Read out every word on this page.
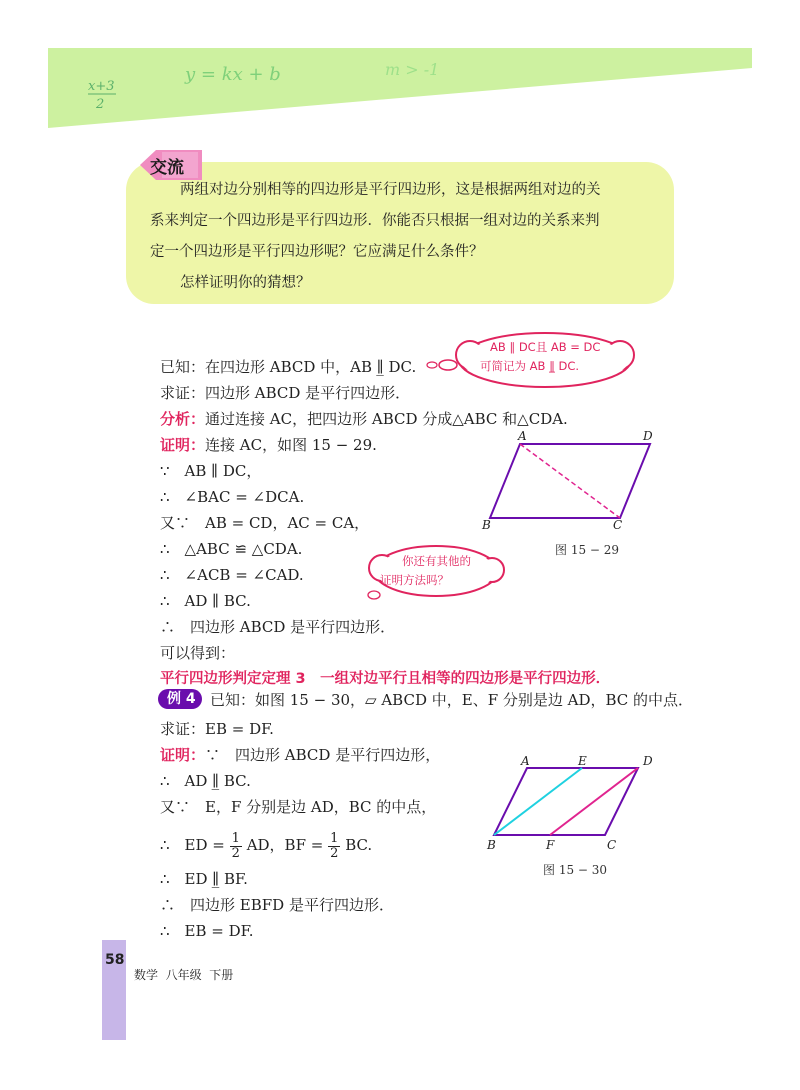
x+3
2
y = kx + b	m > -1
交流
两组对边分别相等的四边形是平行四边形，这是根据两组对边的关
系来判定一个四边形是平行四边形．你能否只根据一组对边的关系来判
定一个四边形是平行四边形呢？它应满足什么条件？
怎样证明你的猜想？
AB ∥ DC且 AB = DC
可简记为 AB ∥̲ DC.
已知：在四边形 ABCD 中，AB ∥̲ DC.
求证：四边形 ABCD 是平行四边形．
分析：通过连接 AC，把四边形 ABCD 分成△ABC 和△CDA.
证明：连接 AC，如图 15 − 29.
∵　AB ∥ DC，
∴　∠BAC = ∠DCA.
又∵　AB = CD，AC = CA，
∴　△ABC ≌ △CDA.
∴　∠ACB = ∠CAD.
∴　AD ∥ BC.
∴　四边形 ABCD 是平行四边形．
可以得到：
平行四边形判定定理 3　一组对边平行且相等的四边形是平行四边形．
你还有其他的
证明方法吗？
A	D
B	C
图 15 − 29
例 4 已知：如图 15 − 30，▱ ABCD 中，E、F 分别是边 AD，BC 的中点．
求证：EB = DF.
证明：∵　四边形 ABCD 是平行四边形，
∴　AD ∥̲ BC.
又∵　E，F 分别是边 AD，BC 的中点，
∴　ED = $\frac{1}{2}$ AD，BF = $\frac{1}{2}$ BC.
∴　ED ∥̲ BF.
∴　四边形 EBFD 是平行四边形．
∴　EB = DF.
A	E	D
B	F	C
图 15 − 30
58
数学  八年级  下册
